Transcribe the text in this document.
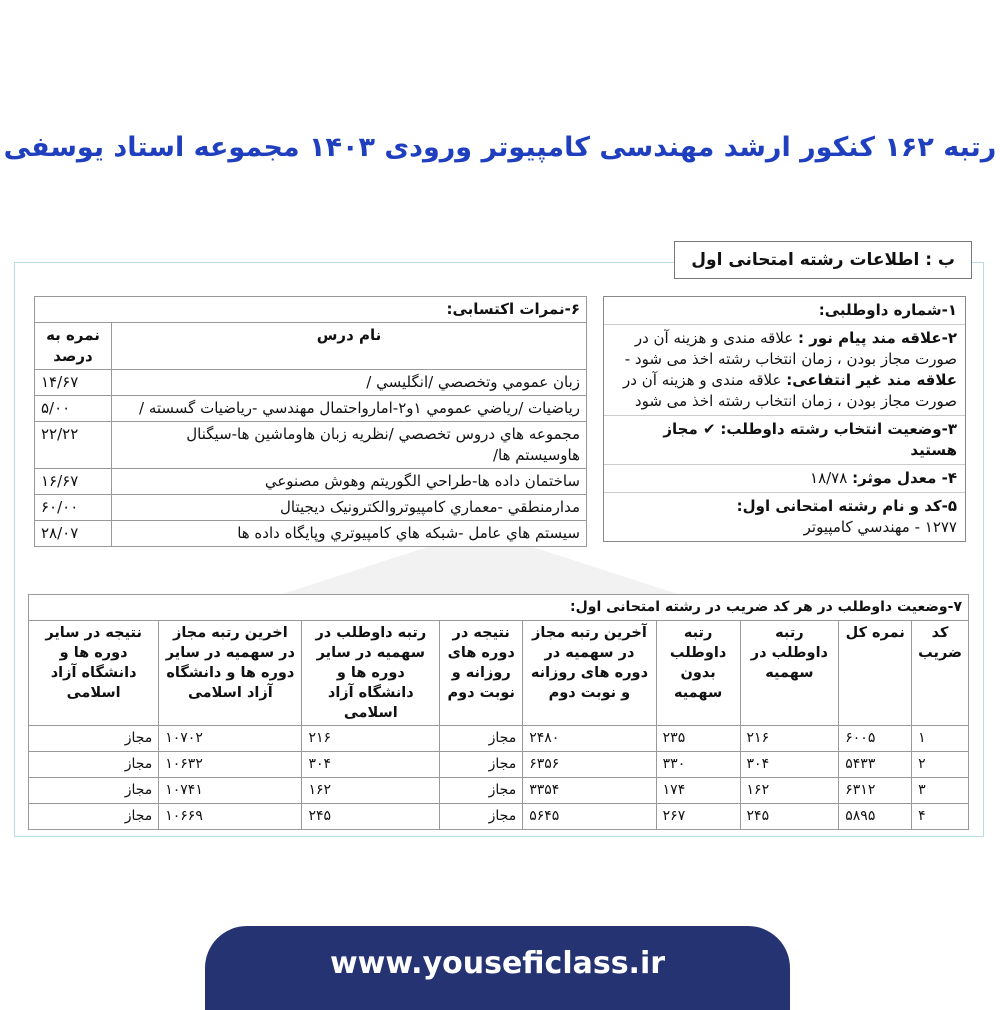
رتبه ۱۶۲ کنکور ارشد مهندسی کامپیوتر ورودی ۱۴۰۳ مجموعه استاد یوسفی
ب : اطلاعات رشته امتحانی اول
۱-شماره داوطلبی:
۲-علاقه مند پیام نور : علاقه مندی و هزینه آن در صورت مجاز بودن ، زمان انتخاب رشته اخذ می شود - علاقه مند غیر انتفاعی: علاقه مندی و هزینه آن در صورت مجاز بودن ، زمان انتخاب رشته اخذ می شود
۳-وضعیت انتخاب رشته داوطلب: ✔ مجاز هستید
۴- معدل موثر: ۱۸/۷۸
۵-کد و نام رشته امتحانی اول:
۱۲۷۷ - مهندسي کامپيوتر
۶-نمرات اکتسابی:	
نام درس	نمره به درصد
زبان عمومي وتخصصي /انگليسي /	۱۴/۶۷
رياضيات /رياضي عمومي ۱و۲-امارواحتمال مهندسي -رياضيات گسسته /	۵/۰۰
مجموعه هاي دروس تخصصي /نظريه زبان هاوماشين ها-سيگنال هاوسيستم ها/	۲۲/۲۲
ساختمان داده ها-طراحي الگوريتم وهوش مصنوعي	۱۶/۶۷
مدارمنطقي -معماري کامپيوتروالکترونيک ديجيتال	۶۰/۰۰
سيستم هاي عامل -شبکه هاي کامپيوتري وپايگاه داده ها	۲۸/۰۷
۷-وضعیت داوطلب در هر کد ضریب در رشته امتحانی اول:								
کد ضریب	نمره کل	رتبه داوطلب در سهمیه	رتبه داوطلب بدون سهمیه	آخرین رتبه مجاز در سهمیه در دوره های روزانه و نوبت دوم	نتیجه در دوره های روزانه و نوبت دوم	رتبه داوطلب در سهمیه در سایر دوره ها و دانشگاه آزاد اسلامی	اخرین رتبه مجاز در سهمیه در سایر دوره ها و دانشگاه آزاد اسلامی	نتیجه در سایر دوره ها و دانشگاه آزاد اسلامی
۱	۶۰۰۵	۲۱۶	۲۳۵	۲۴۸۰	مجاز	۲۱۶	۱۰۷۰۲	مجاز
۲	۵۴۳۳	۳۰۴	۳۳۰	۶۳۵۶	مجاز	۳۰۴	۱۰۶۳۲	مجاز
۳	۶۳۱۲	۱۶۲	۱۷۴	۳۳۵۴	مجاز	۱۶۲	۱۰۷۴۱	مجاز
۴	۵۸۹۵	۲۴۵	۲۶۷	۵۶۴۵	مجاز	۲۴۵	۱۰۶۶۹	مجاز
www.youseficlass.ir
